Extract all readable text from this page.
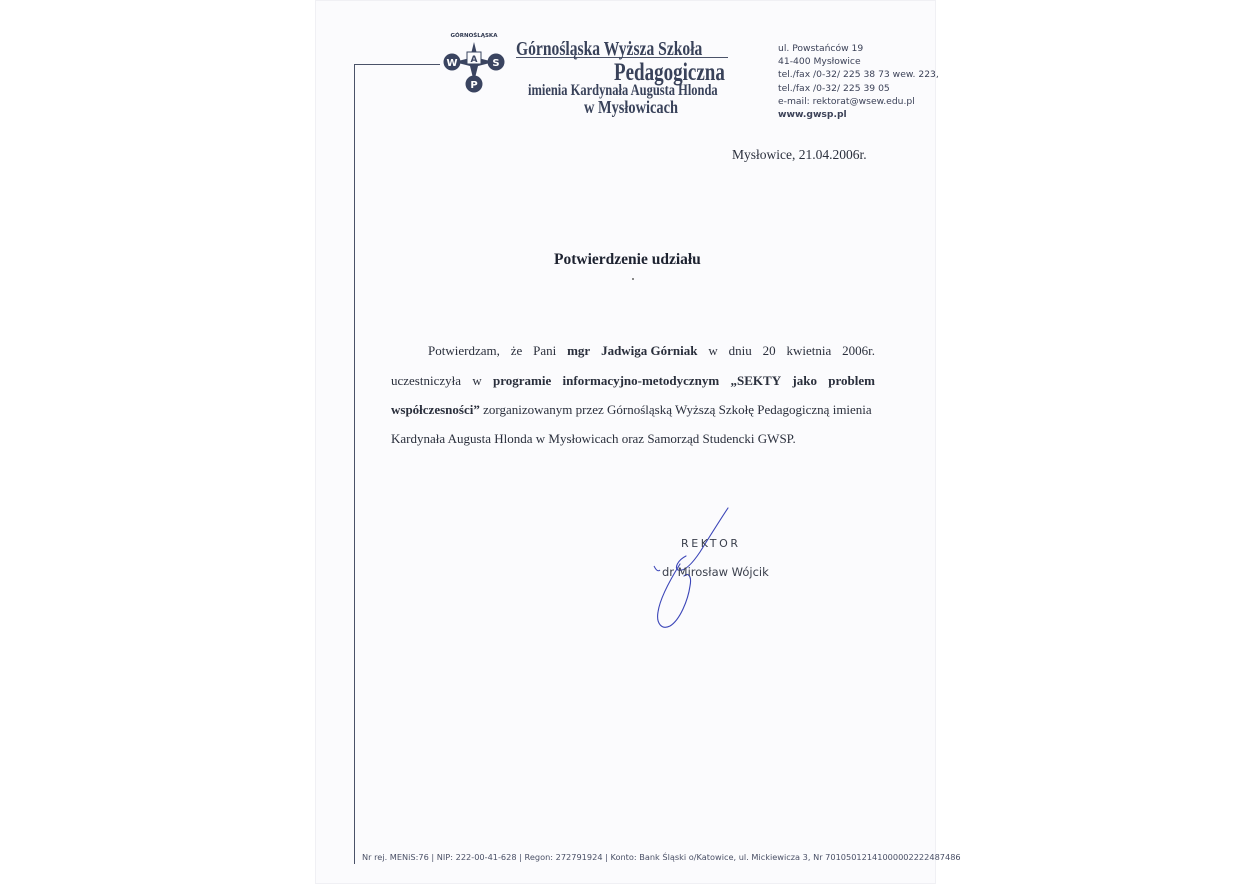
GÓRNOŚLĄSKA
W A S
P
Górnośląska Wyższa Szkoła
Pedagogiczna
imienia Kardynała Augusta Hlonda
w Mysłowicach
ul. Powstańców 19
41-400 Mysłowice
tel./fax /0-32/ 225 38 73 wew. 223,
tel./fax /0-32/ 225 39 05
e-mail: rektorat@wsew.edu.pl
www.gwsp.pl
Mysłowice, 21.04.2006r.
Potwierdzenie udziału
Potwierdzam, że Pani mgr Jadwiga Górniak w dniu 20 kwietnia 2006r.
uczestniczyła w programie informacyjno-metodycznym „SEKTY jako problem
współczesności” zorganizowanym przez Górnośląską Wyższą Szkołę Pedagogiczną imienia
Kardynała Augusta Hlonda w Mysłowicach oraz Samorząd Studencki GWSP.
REKTOR
dr Mirosław Wójcik
Nr rej. MENiS:76 | NIP: 222-00-41-628 | Regon: 272791924 | Konto: Bank Śląski o/Katowice, ul. Mickiewicza 3, Nr 70105012141000002222487486
